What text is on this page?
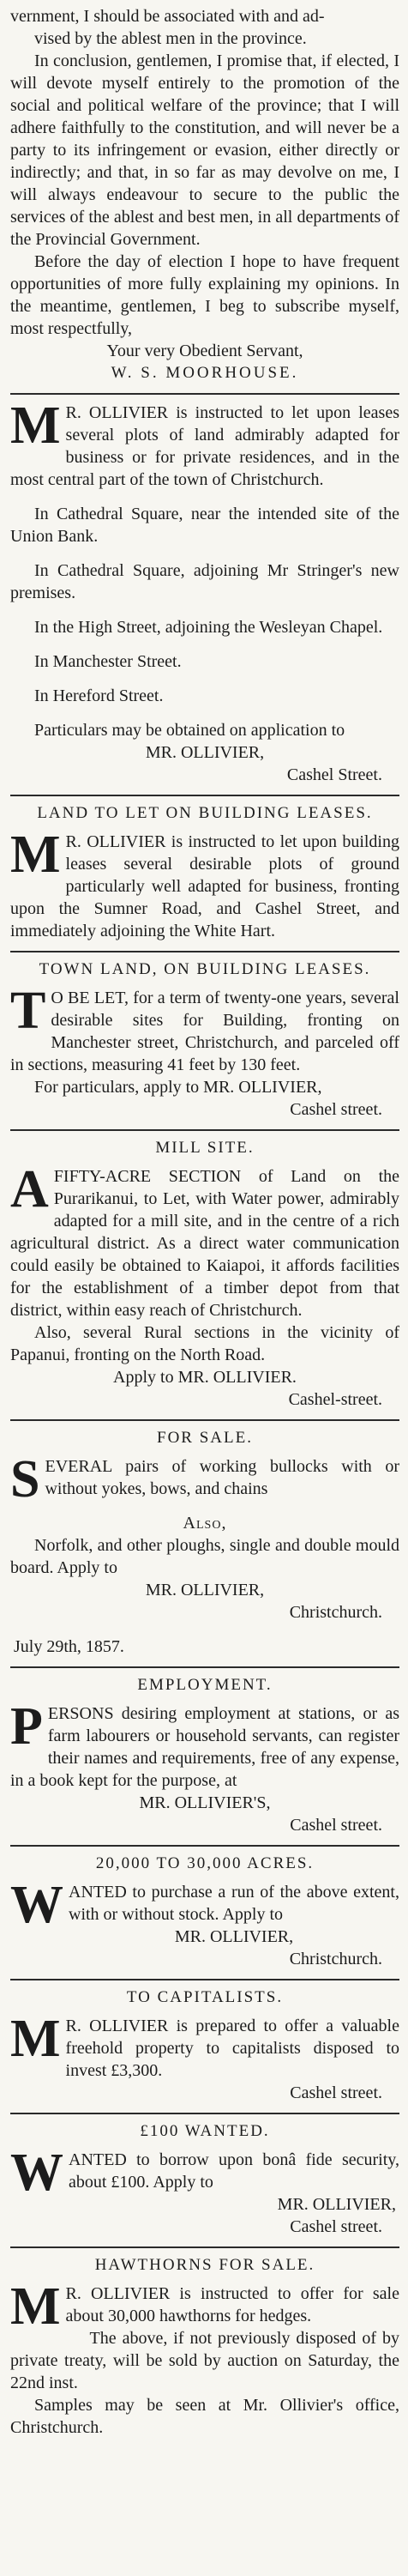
vernment, I should be associated with and ad-

vised by the ablest men in the province.

In conclusion, gentlemen, I promise that, if elected, I will devote myself entirely to the promotion of the social and political welfare of the province; that I will adhere faithfully to the constitution, and will never be a party to its infringement or evasion, either directly or indirectly; and that, in so far as may devolve on me, I will always endeavour to secure to the public the services of the ablest and best men, in all departments of the Provincial Government.

Before the day of election I hope to have frequent opportunities of more fully explaining my opinions. In the meantime, gentlemen, I beg to subscribe myself, most respectfully,

Your very Obedient Servant,

W. S. MOORHOUSE.

M R. OLLIVIER is instructed to let upon leases several plots of land admirably adapted for business or for private residences, and in the most central part of the town of Christchurch.

In Cathedral Square, near the intended site of the Union Bank.

In Cathedral Square, adjoining Mr Stringer's new premises.

In the High Street, adjoining the Wesleyan Chapel.

In Manchester Street.

In Hereford Street.

Particulars may be obtained on application to

MR. OLLIVIER,

Cashel Street.

LAND TO LET ON BUILDING LEASES.

M R. OLLIVIER is instructed to let upon building leases several desirable plots of ground particularly well adapted for business, fronting upon the Sumner Road, and Cashel Street, and immediately adjoining the White Hart.

TOWN LAND, ON BUILDING LEASES.

T O BE LET, for a term of twenty-one years, several desirable sites for Building, fronting on Manchester street, Christchurch, and parceled off in sections, measuring 41 feet by 130 feet.

For particulars, apply to MR. OLLIVIER,

Cashel street.

MILL SITE.

AFIFTY-ACRE SECTION of Land on the Purarikanui, to Let, with Water power, admirably adapted for a mill site, and in the centre of a rich agricultural district. As a direct water communication could easily be obtained to Kaiapoi, it affords facilities for the establishment of a timber depot from that district, within easy reach of Christchurch.

Also, several Rural sections in the vicinity of Papanui, fronting on the North Road.

Apply to MR. OLLIVIER.

Cashel-street.

FOR SALE.

SEVERAL pairs of working bullocks with or without yokes, bows, and chains

Also,

Norfolk, and other ploughs, single and double mould board. Apply to

MR. OLLIVIER,

Christchurch.

July 29th, 1857.

EMPLOYMENT.

PERSONS desiring employment at stations, or as farm labourers or household servants, can register their names and requirements, free of any expense, in a book kept for the purpose, at

MR. OLLIVIER'S,

Cashel street.

20,000 TO 30,000 ACRES.

WANTED to purchase a run of the above extent, with or without stock. Apply to

MR. OLLIVIER,

Christchurch.

TO CAPITALISTS.

M R. OLLIVIER is prepared to offer a valuable freehold property to capitalists disposed to invest £3,300.

Cashel street.

£100 WANTED.

WANTED to borrow upon bonâ fide security, about £100. Apply to

MR. OLLIVIER,

Cashel street.

HAWTHORNS FOR SALE.

M R. OLLIVIER is instructed to offer for sale about 30,000 hawthorns for hedges.

The above, if not previously disposed of by private treaty, will be sold by auction on Saturday, the 22nd inst.

Samples may be seen at Mr. Ollivier's office, Christchurch.
